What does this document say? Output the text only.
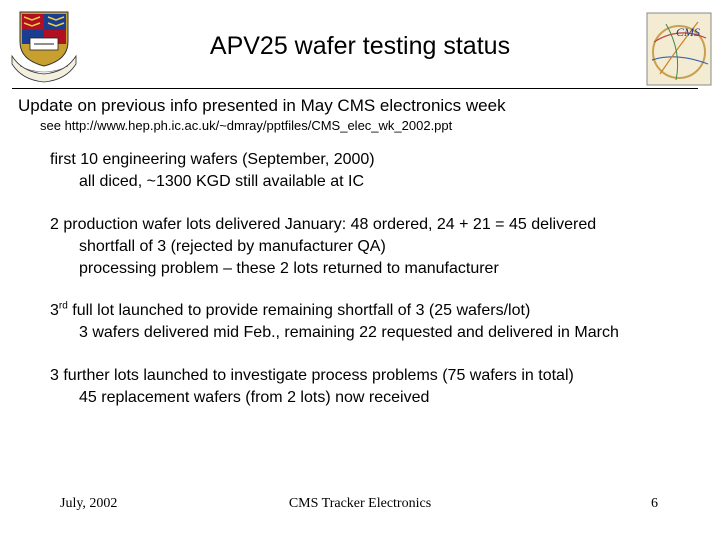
CMS
APV25 wafer testing status
Update on previous info presented in May CMS electronics week
see http://www.hep.ph.ic.ac.uk/~dmray/pptfiles/CMS_elec_wk_2002.ppt
first 10 engineering wafers (September, 2000)
all diced, ~1300 KGD still available at IC
2 production wafer lots delivered January: 48 ordered, 24 + 21 = 45 delivered
shortfall of 3 (rejected by manufacturer QA)
processing problem – these 2 lots returned to manufacturer
3rd full lot launched to provide remaining shortfall of 3 (25 wafers/lot)
3 wafers delivered mid Feb., remaining 22 requested and delivered in March
3 further lots launched to investigate process problems (75 wafers in total)
45 replacement wafers (from 2 lots) now received
July, 2002	CMS Tracker Electronics	6
